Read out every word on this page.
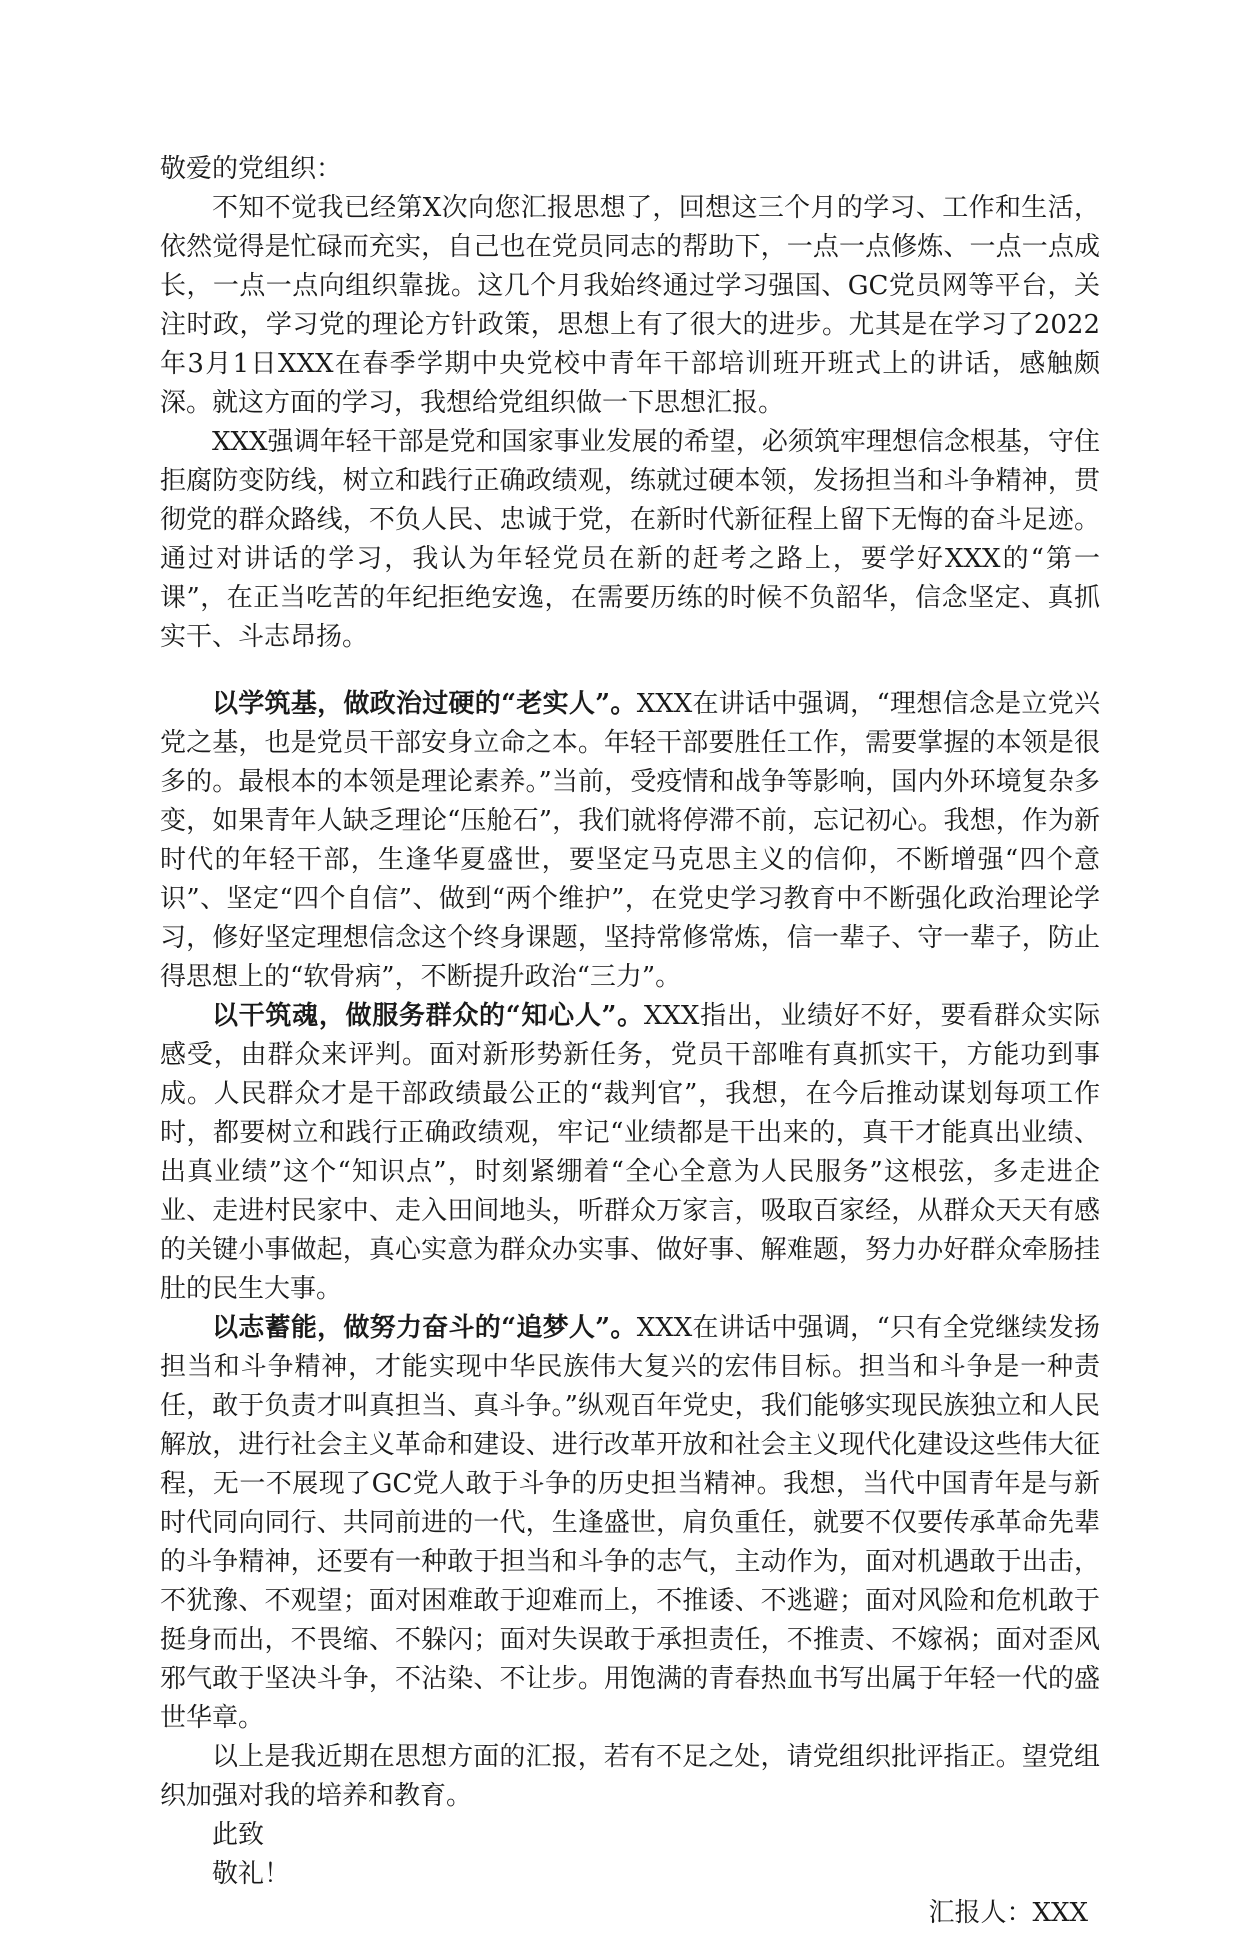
敬爱的党组织：

不知不觉我已经第X次向您汇报思想了，回想这三个月的学习、工作和生活，依然觉得是忙碌而充实，自己也在党员同志的帮助下，一点一点修炼、一点一点成长，一点一点向组织靠拢。这几个月我始终通过学习强国、GC党员网等平台，关注时政，学习党的理论方针政策，思想上有了很大的进步。尤其是在学习了2022年3月1日XXX在春季学期中央党校中青年干部培训班开班式上的讲话，感触颇深。就这方面的学习，我想给党组织做一下思想汇报。

XXX强调年轻干部是党和国家事业发展的希望，必须筑牢理想信念根基，守住拒腐防变防线，树立和践行正确政绩观，练就过硬本领，发扬担当和斗争精神，贯彻党的群众路线，不负人民、忠诚于党，在新时代新征程上留下无悔的奋斗足迹。通过对讲话的学习，我认为年轻党员在新的赶考之路上，要学好XXX的“第一课”，在正当吃苦的年纪拒绝安逸，在需要历练的时候不负韶华，信念坚定、真抓实干、斗志昂扬。

以学筑基，做政治过硬的“老实人”。XXX在讲话中强调，“理想信念是立党兴党之基，也是党员干部安身立命之本。年轻干部要胜任工作，需要掌握的本领是很多的。最根本的本领是理论素养。”当前，受疫情和战争等影响，国内外环境复杂多变，如果青年人缺乏理论“压舱石”，我们就将停滞不前，忘记初心。我想，作为新时代的年轻干部，生逢华夏盛世，要坚定马克思主义的信仰，不断增强“四个意识”、坚定“四个自信”、做到“两个维护”，在党史学习教育中不断强化政治理论学习，修好坚定理想信念这个终身课题，坚持常修常炼，信一辈子、守一辈子，防止得思想上的“软骨病”，不断提升政治“三力”。

以干筑魂，做服务群众的“知心人”。XXX指出，业绩好不好，要看群众实际感受，由群众来评判。面对新形势新任务，党员干部唯有真抓实干，方能功到事成。人民群众才是干部政绩最公正的“裁判官”，我想，在今后推动谋划每项工作时，都要树立和践行正确政绩观，牢记“业绩都是干出来的，真干才能真出业绩、出真业绩”这个“知识点”，时刻紧绷着“全心全意为人民服务”这根弦，多走进企业、走进村民家中、走入田间地头，听群众万家言，吸取百家经，从群众天天有感的关键小事做起，真心实意为群众办实事、做好事、解难题，努力办好群众牵肠挂肚的民生大事。

以志蓄能，做努力奋斗的“追梦人”。XXX在讲话中强调，“只有全党继续发扬担当和斗争精神，才能实现中华民族伟大复兴的宏伟目标。担当和斗争是一种责任，敢于负责才叫真担当、真斗争。”纵观百年党史，我们能够实现民族独立和人民解放，进行社会主义革命和建设、进行改革开放和社会主义现代化建设这些伟大征程，无一不展现了GC党人敢于斗争的历史担当精神。我想，当代中国青年是与新时代同向同行、共同前进的一代，生逢盛世，肩负重任，就要不仅要传承革命先辈的斗争精神，还要有一种敢于担当和斗争的志气，主动作为，面对机遇敢于出击，不犹豫、不观望；面对困难敢于迎难而上，不推诿、不逃避；面对风险和危机敢于挺身而出，不畏缩、不躲闪；面对失误敢于承担责任，不推责、不嫁祸；面对歪风邪气敢于坚决斗争，不沾染、不让步。用饱满的青春热血书写出属于年轻一代的盛世华章。

以上是我近期在思想方面的汇报，若有不足之处，请党组织批评指正。望党组织加强对我的培养和教育。

此致
敬礼！
汇报人：XXX
